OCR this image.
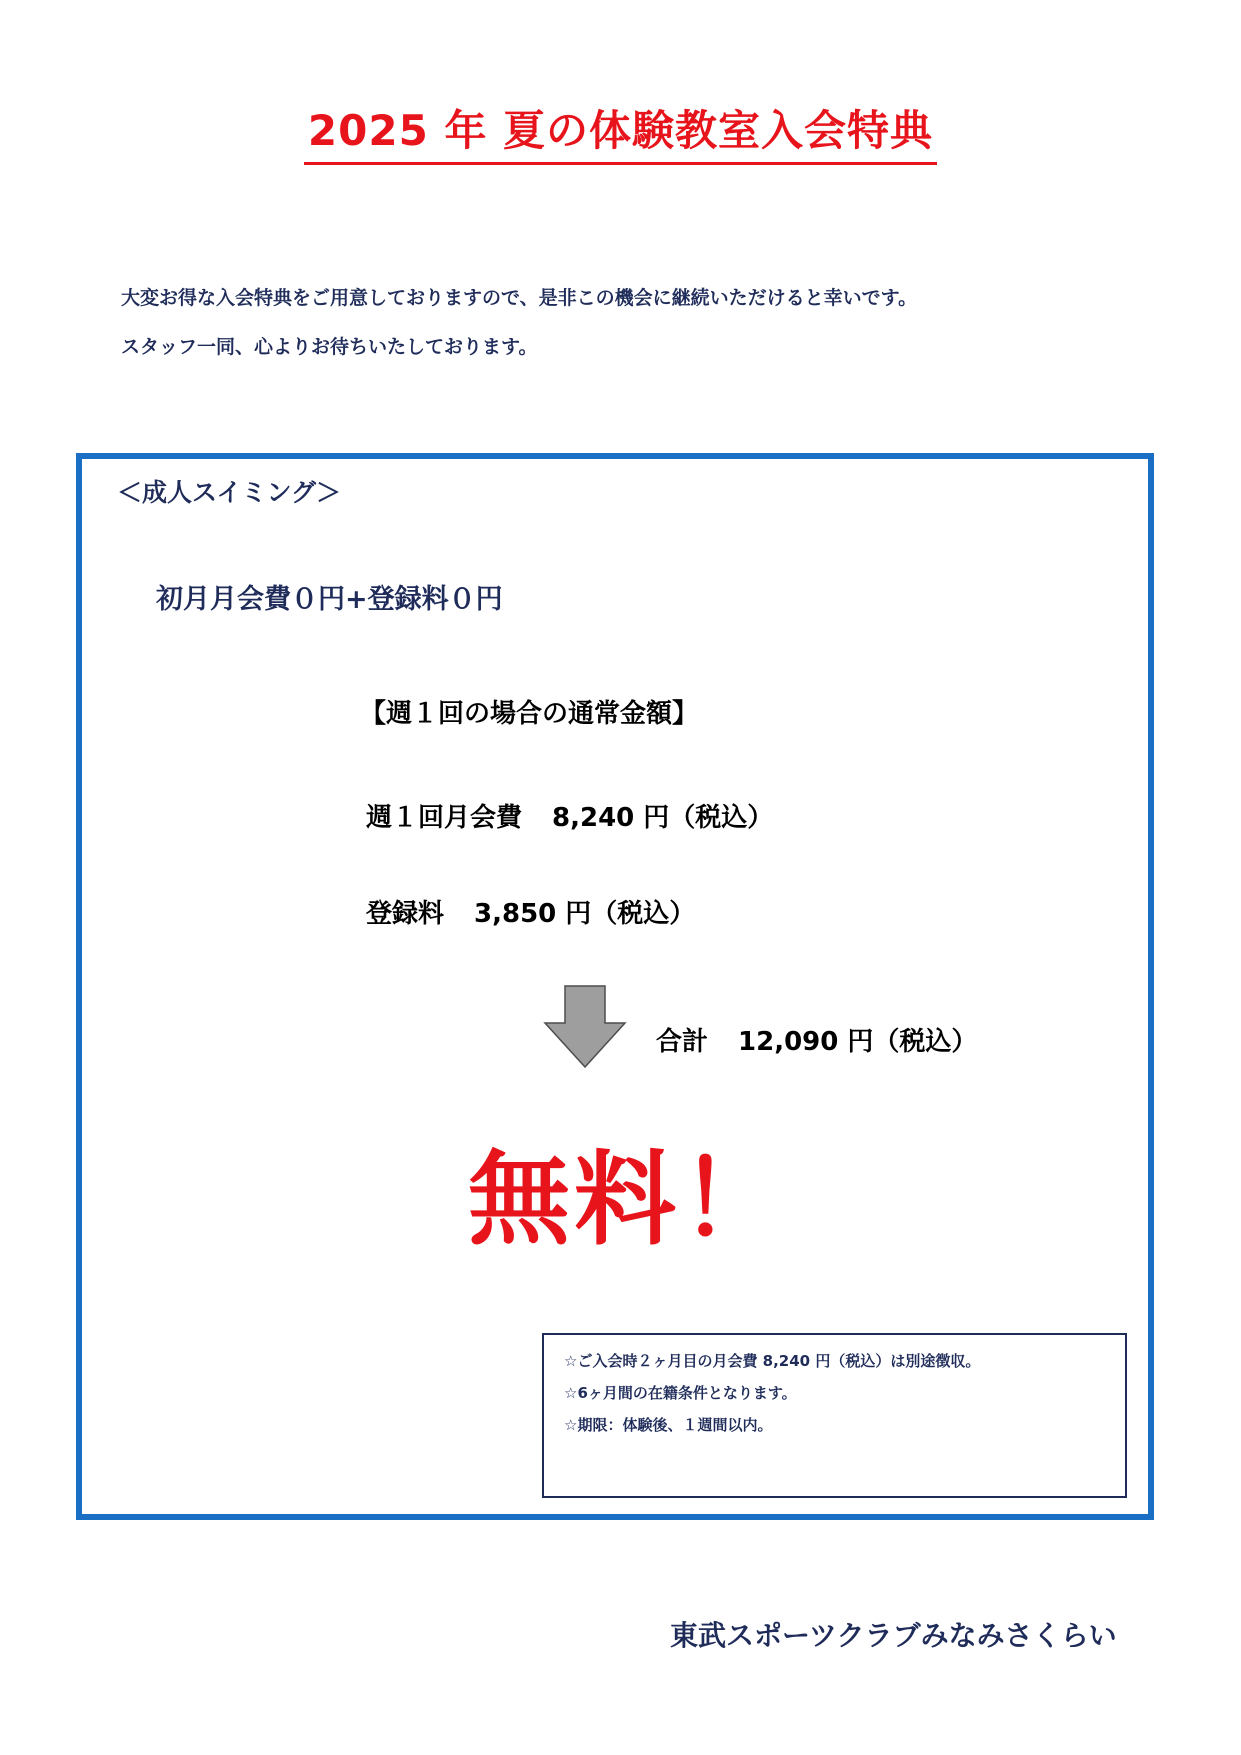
2025 年 夏の体験教室入会特典
大変お得な入会特典をご用意しておりますので、是非この機会に継続いただけると幸いです。
スタッフ一同、心よりお待ちいたしております。
＜成人スイミング＞
初月月会費０円+登録料０円
【週１回の場合の通常金額】
週１回月会費 8,240 円（税込）
登録料 3,850 円（税込）
合計 12,090 円（税込）
無料！
☆ご入会時２ヶ月目の月会費 8,240 円（税込）は別途徴収。
☆6ヶ月間の在籍条件となります。
☆期限：体験後、１週間以内。
東武スポーツクラブみなみさくらい
